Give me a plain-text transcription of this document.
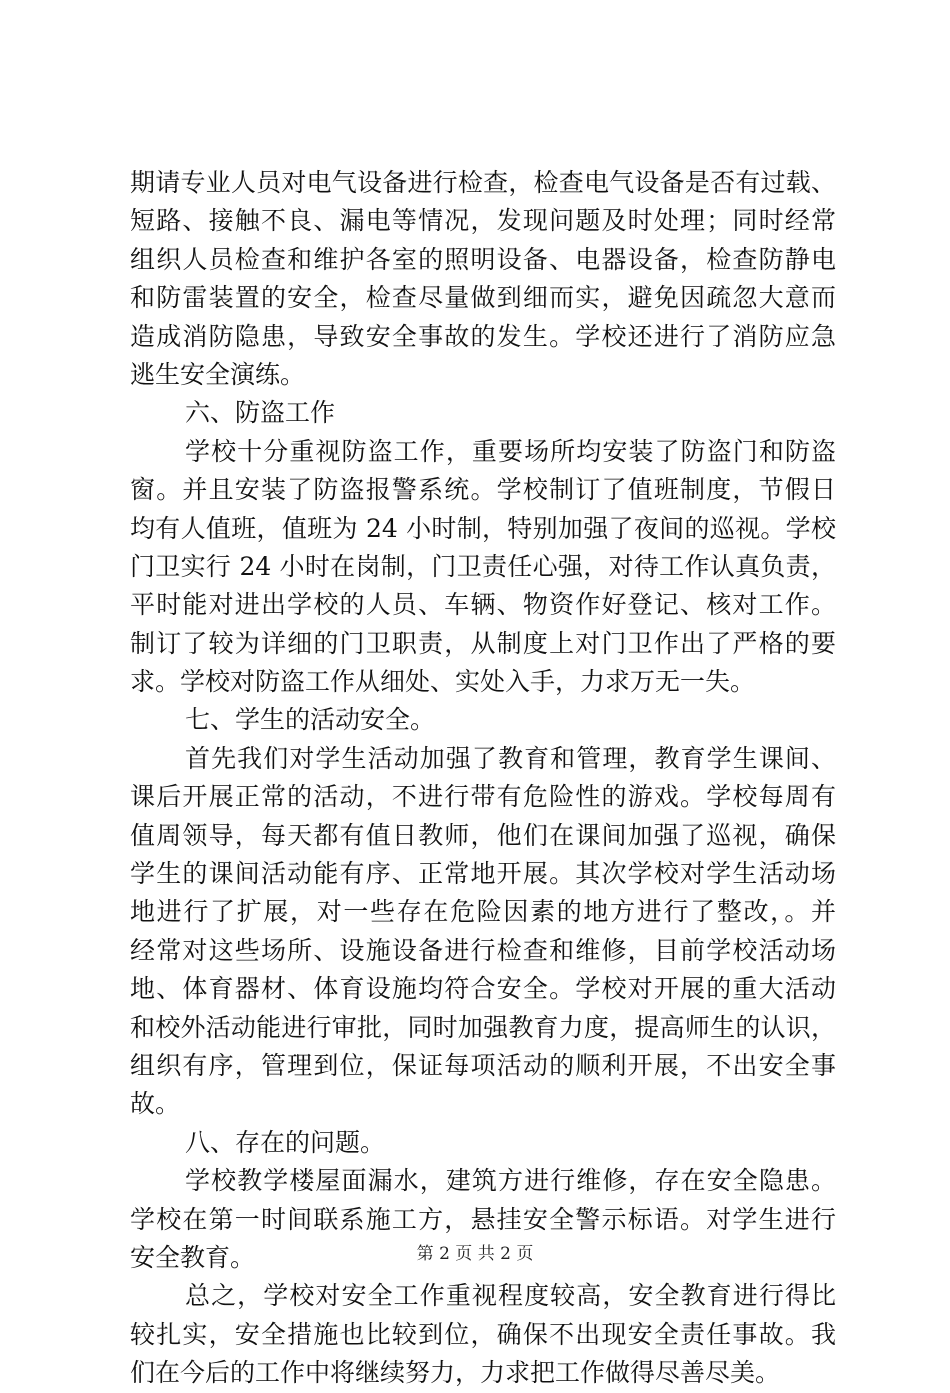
期请专业人员对电气设备进行检查，检查电气设备是否有过载、
短路、接触不良、漏电等情况，发现问题及时处理；同时经常
组织人员检查和维护各室的照明设备、电器设备，检查防静电
和防雷装置的安全，检查尽量做到细而实，避免因疏忽大意而
造成消防隐患，导致安全事故的发生。学校还进行了消防应急
逃生安全演练。
六、防盗工作
学校十分重视防盗工作，重要场所均安装了防盗门和防盗
窗。并且安装了防盗报警系统。学校制订了值班制度，节假日
均有人值班，值班为 24 小时制，特别加强了夜间的巡视。学校
门卫实行 24 小时在岗制，门卫责任心强，对待工作认真负责，
平时能对进出学校的人员、车辆、物资作好登记、核对工作。
制订了较为详细的门卫职责，从制度上对门卫作出了严格的要
求。学校对防盗工作从细处、实处入手，力求万无一失。
七、学生的活动安全。
首先我们对学生活动加强了教育和管理，教育学生课间、
课后开展正常的活动，不进行带有危险性的游戏。学校每周有
值周领导，每天都有值日教师，他们在课间加强了巡视，确保
学生的课间活动能有序、正常地开展。其次学校对学生活动场
地进行了扩展，对一些存在危险因素的地方进行了整改，。并
经常对这些场所、设施设备进行检查和维修，目前学校活动场
地、体育器材、体育设施均符合安全。学校对开展的重大活动
和校外活动能进行审批，同时加强教育力度，提高师生的认识，
组织有序，管理到位，保证每项活动的顺利开展，不出安全事
故。
八、存在的问题。
学校教学楼屋面漏水，建筑方进行维修，存在安全隐患。
学校在第一时间联系施工方，悬挂安全警示标语。对学生进行
安全教育。
总之，学校对安全工作重视程度较高，安全教育进行得比
较扎实，安全措施也比较到位，确保不出现安全责任事故。我
们在今后的工作中将继续努力，力求把工作做得尽善尽美。
第 2 页 共 2 页
